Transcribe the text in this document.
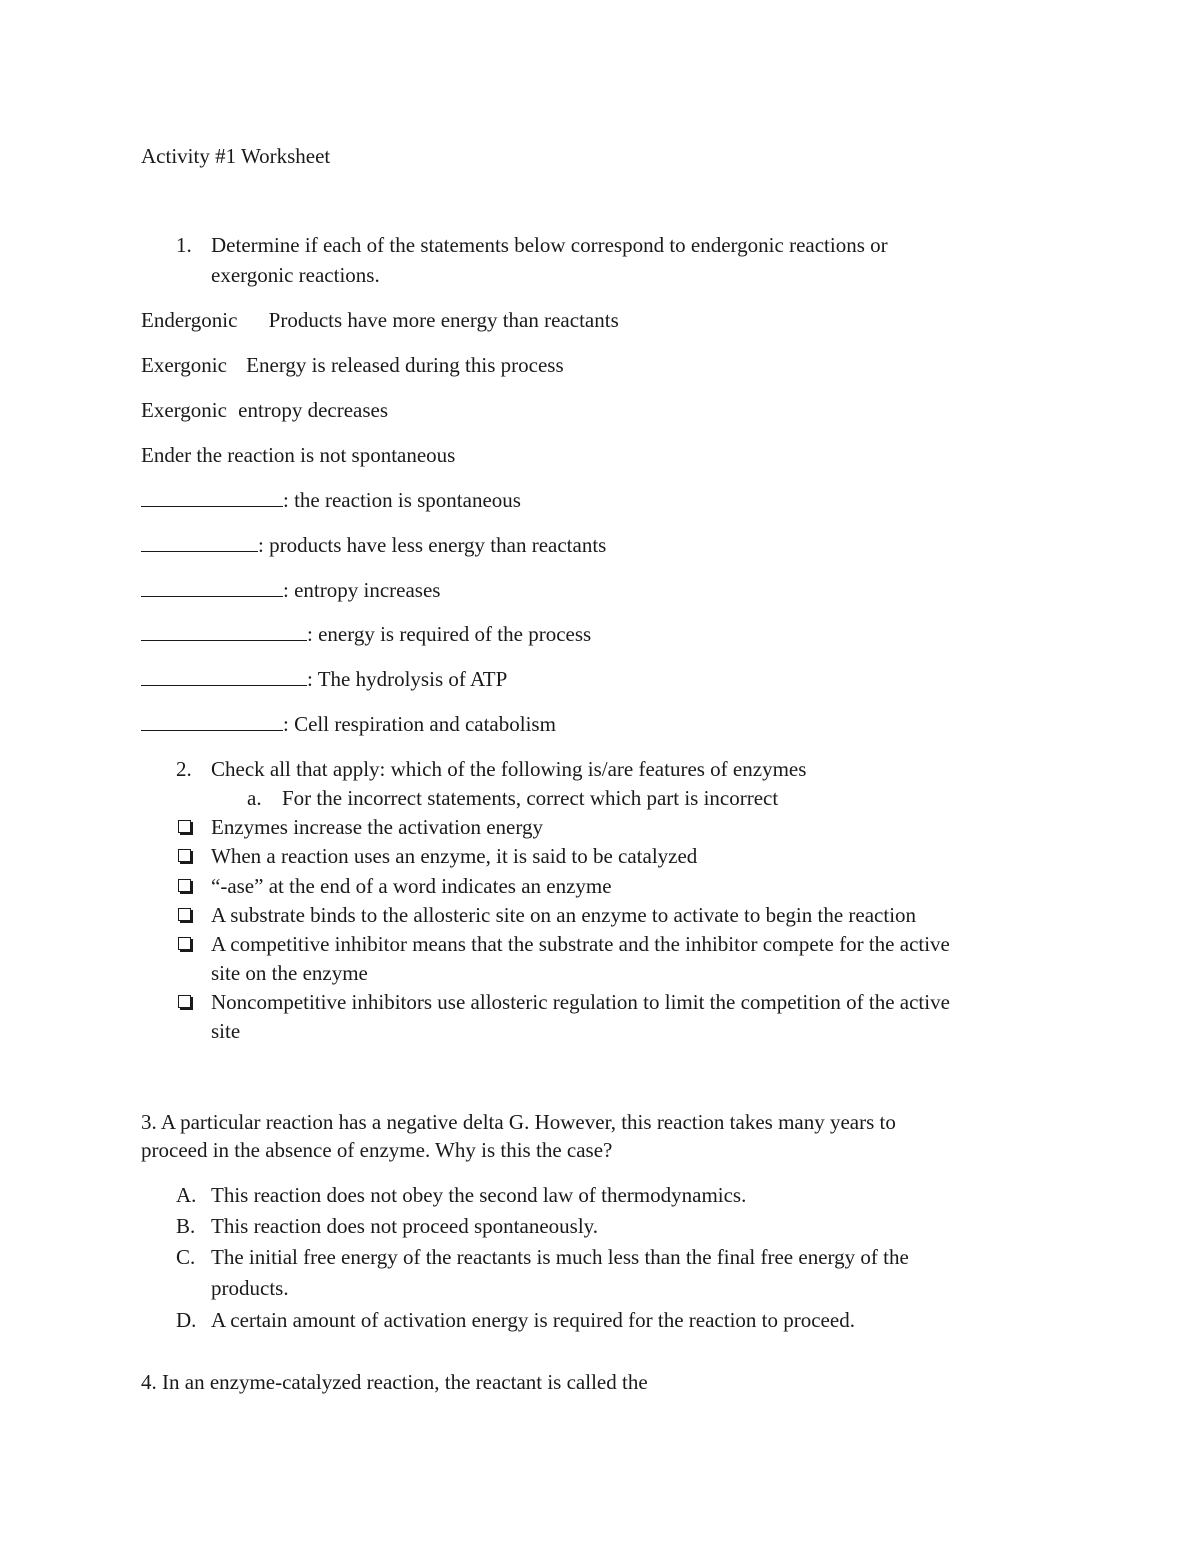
Activity #1 Worksheet
1. Determine if each of the statements below correspond to endergonic reactions or
exergonic reactions.
Endergonic Products have more energy than reactants
Exergonic Energy is released during this process
Exergonic entropy decreases
Ender the reaction is not spontaneous
: the reaction is spontaneous
: products have less energy than reactants
: entropy increases
: energy is required of the process
: The hydrolysis of ATP
: Cell respiration and catabolism
2. Check all that apply: which of the following is/are features of enzymes
a. For the incorrect statements, correct which part is incorrect
Enzymes increase the activation energy
When a reaction uses an enzyme, it is said to be catalyzed
“-ase” at the end of a word indicates an enzyme
A substrate binds to the allosteric site on an enzyme to activate to begin the reaction
A competitive inhibitor means that the substrate and the inhibitor compete for the active
site on the enzyme
Noncompetitive inhibitors use allosteric regulation to limit the competition of the active
site
3. A particular reaction has a negative delta G. However, this reaction takes many years to
proceed in the absence of enzyme. Why is this the case?
A. This reaction does not obey the second law of thermodynamics.
B. This reaction does not proceed spontaneously.
C. The initial free energy of the reactants is much less than the final free energy of the
products.
D. A certain amount of activation energy is required for the reaction to proceed.
4. In an enzyme-catalyzed reaction, the reactant is called the
